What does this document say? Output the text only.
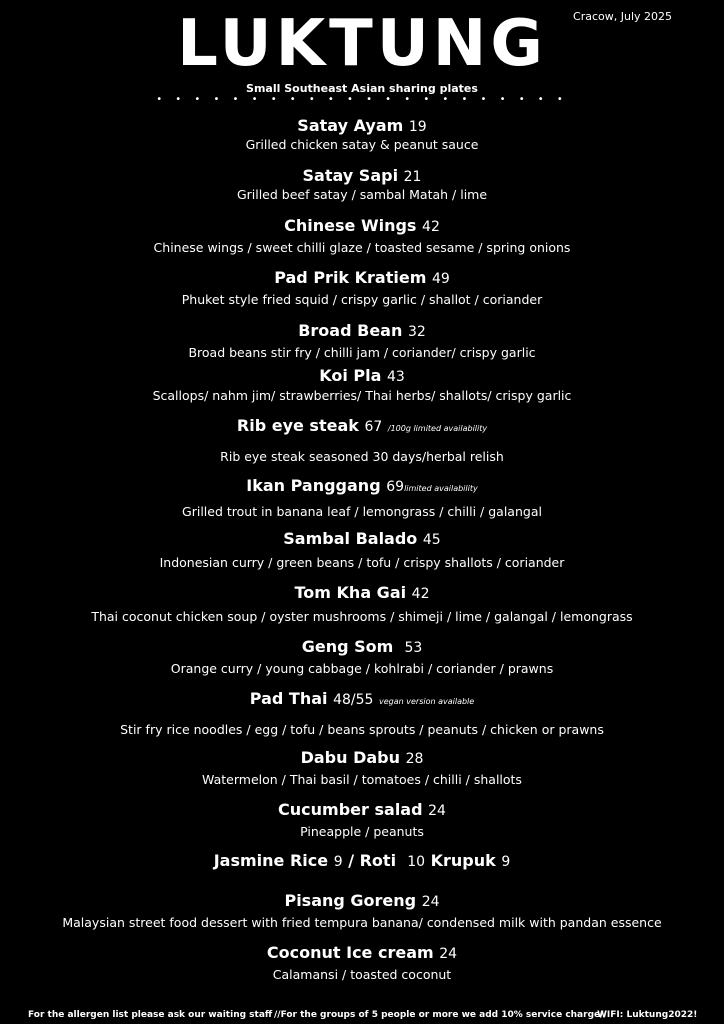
LUKTUNG	Cracow, July 2025
Small Southeast Asian sharing plates
• • • • • • • • • • • • • • • • • • • • • •
Satay Ayam 19
Grilled chicken satay & peanut sauce
Satay Sapi 21
Grilled beef satay / sambal Matah / lime
Chinese Wings 42
Chinese wings / sweet chilli glaze / toasted sesame / spring onions
Pad Prik Kratiem 49
Phuket style fried squid / crispy garlic / shallot / coriander
Broad Bean 32
Broad beans stir fry / chilli jam / coriander/ crispy garlic
Koi Pla 43
Scallops/ nahm jim/ strawberries/ Thai herbs/ shallots/ crispy garlic
Rib eye steak 67 /100g limited availability
Rib eye steak seasoned 30 days/herbal relish
Ikan Panggang 69limited availability
Grilled trout in banana leaf / lemongrass / chilli / galangal
Sambal Balado 45
Indonesian curry / green beans / tofu / crispy shallots / coriander
Tom Kha Gai 42
Thai coconut chicken soup / oyster mushrooms / shimeji / lime / galangal / lemongrass
Geng Som 53
Orange curry / young cabbage / kohlrabi / coriander / prawns
Pad Thai 48/55 vegan version available
Stir fry rice noodles / egg / tofu / beans sprouts / peanuts / chicken or prawns
Dabu Dabu 28
Watermelon / Thai basil / tomatoes / chilli / shallots
Cucumber salad 24
Pineapple / peanuts
Jasmine Rice 9 / Roti 10 Krupuk 9
Pisang Goreng 24
Malaysian street food dessert with fried tempura banana/ condensed milk with pandan essence
Coconut Ice cream 24
Calamansi / toasted coconut
For the allergen list please ask our waiting staff //For the groups of 5 people or more we add 10% service charge//
WIFI: Luktung2022!
